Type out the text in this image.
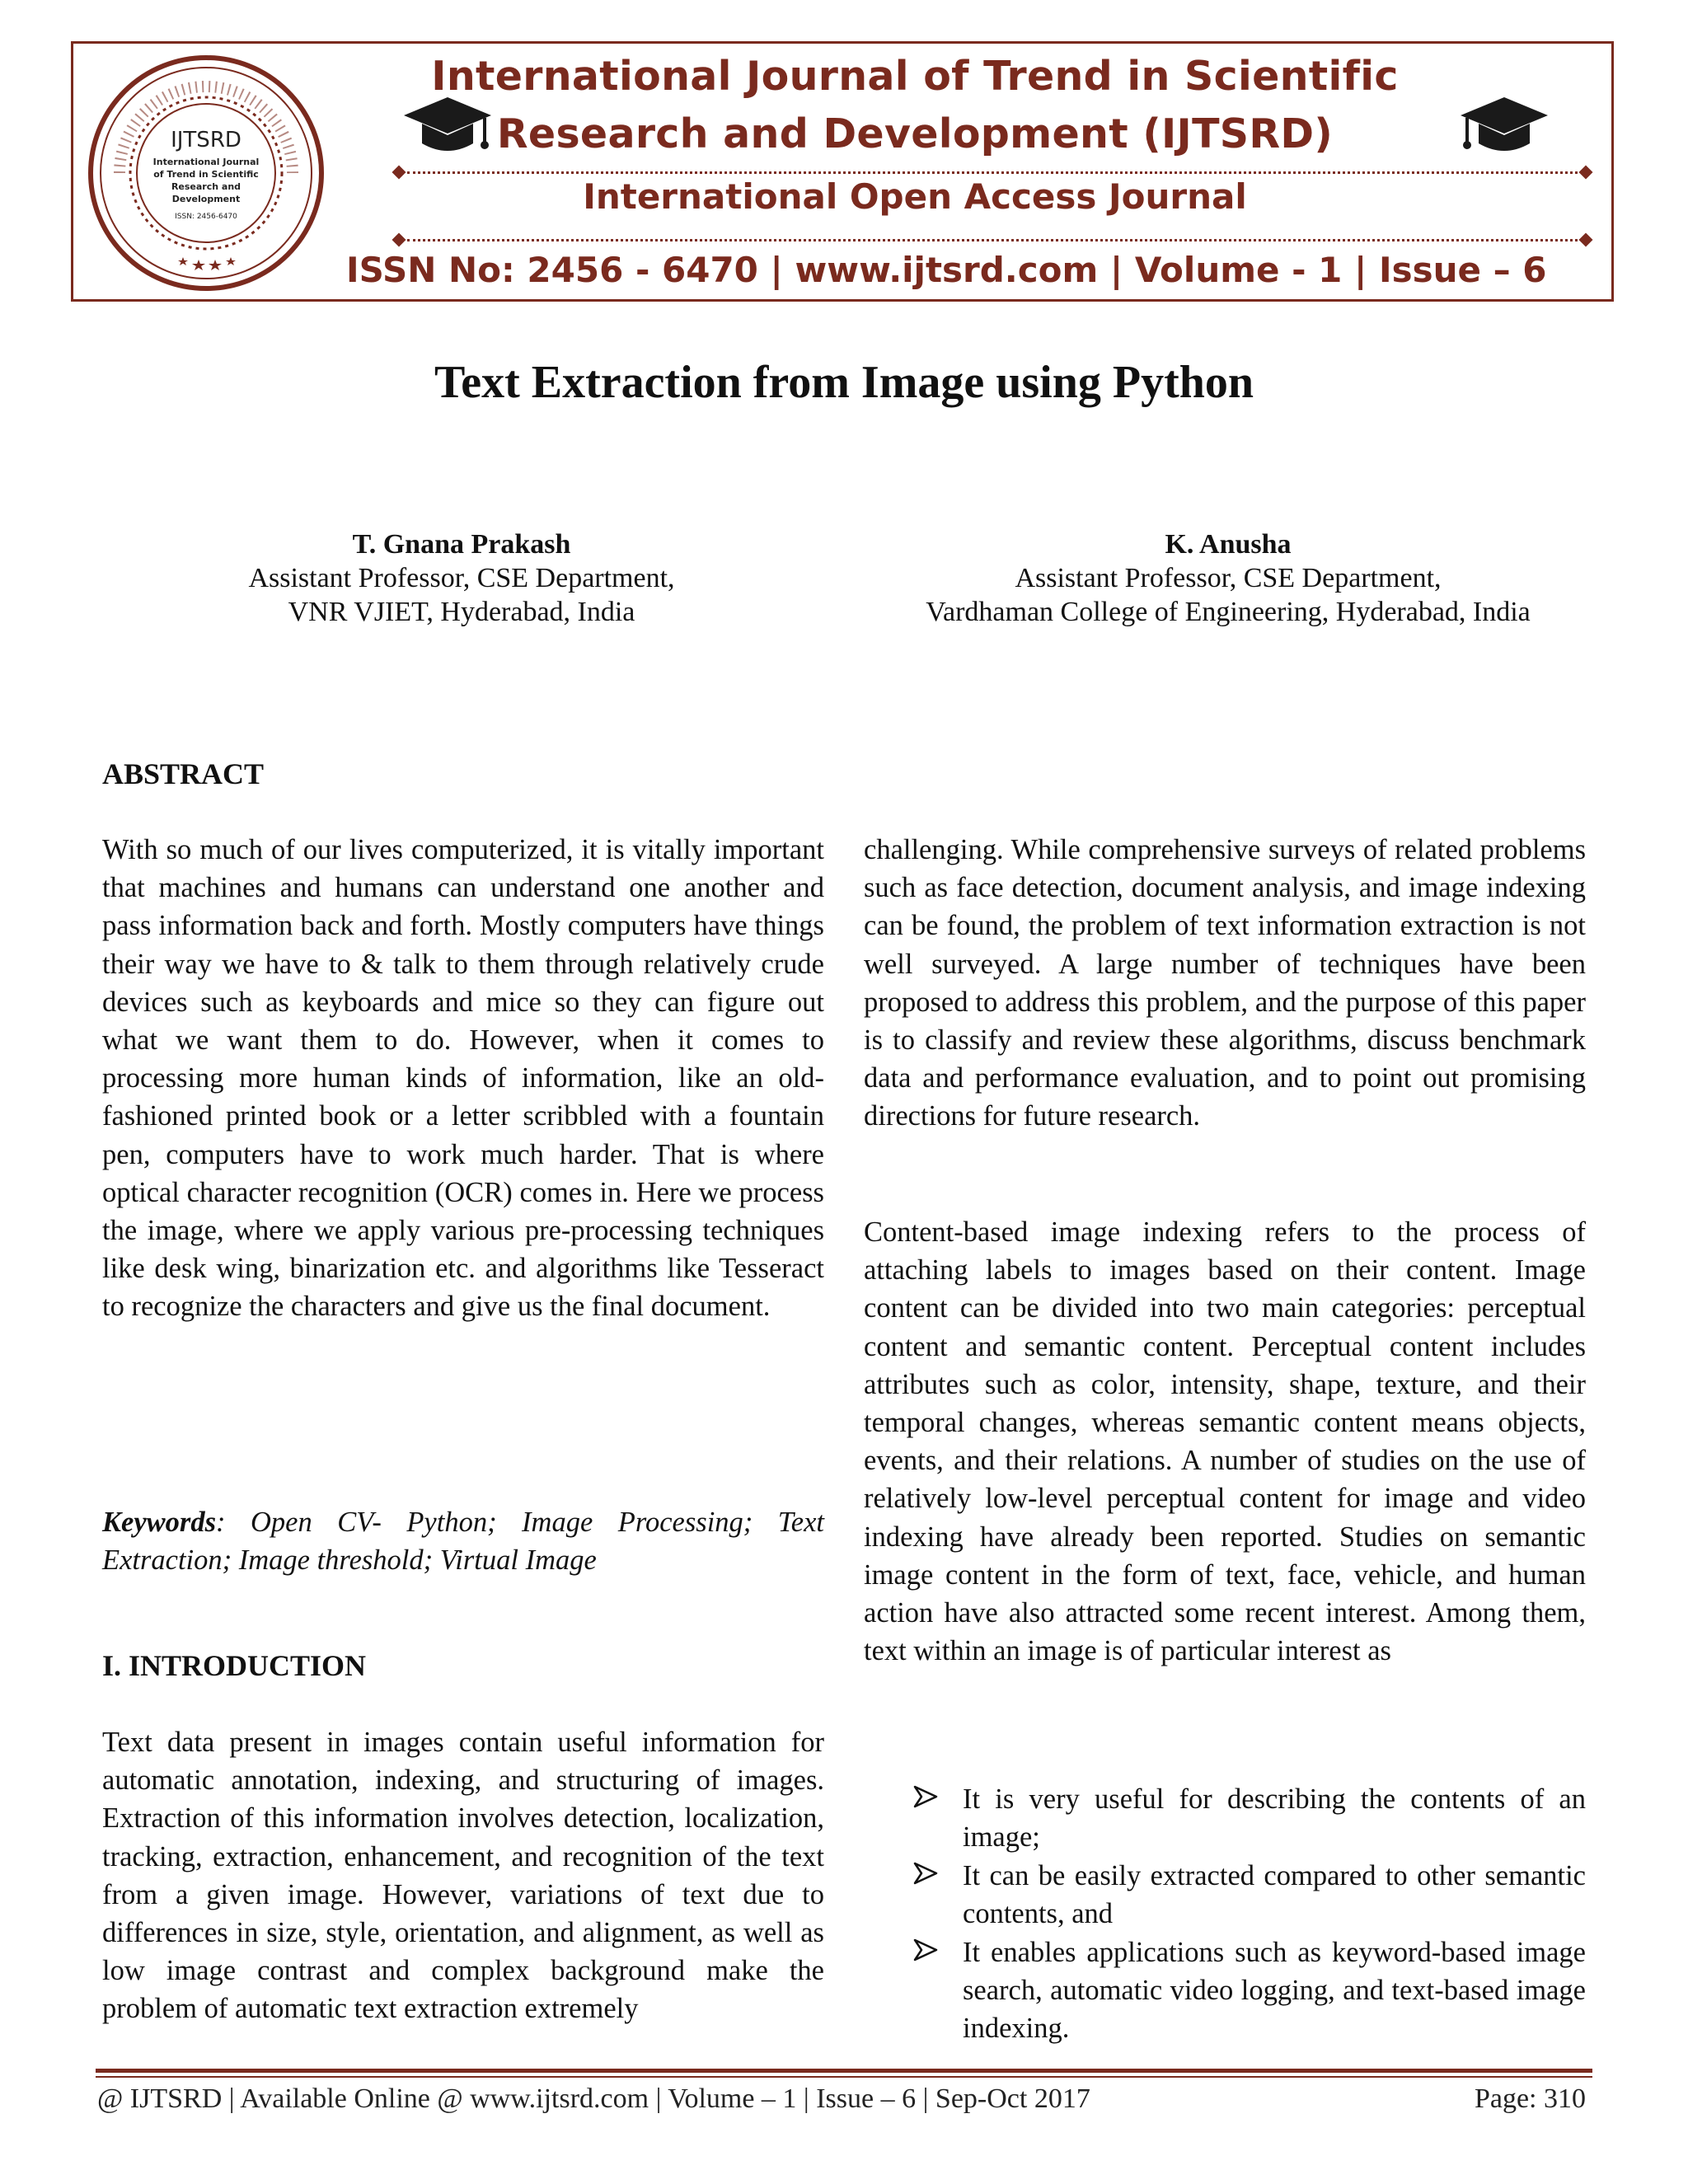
IJTSRD
International Journal
of Trend in Scientific
Research and
Development
ISSN: 2456-6470
International Journal of Trend in Scientific
Research and Development (IJTSRD)
International Open Access Journal
ISSN No: 2456 - 6470 | www.ijtsrd.com | Volume - 1 | Issue – 6
Text Extraction from Image using Python
T. Gnana Prakash
Assistant Professor, CSE Department,
VNR VJIET, Hyderabad, India
K. Anusha
Assistant Professor, CSE Department,
Vardhaman College of Engineering, Hyderabad, India
ABSTRACT

With so much of our lives computerized, it is vitally important that machines and humans can understand one another and pass information back and forth. Mostly computers have things their way we have to & talk to them through relatively crude devices such as keyboards and mice so they can figure out what we want them to do. However, when it comes to processing more human kinds of information, like an old-fashioned printed book or a letter scribbled with a fountain pen, computers have to work much harder. That is where optical character recognition (OCR) comes in. Here we process the image, where we apply various pre-processing techniques like desk wing, binarization etc. and algorithms like Tesseract to recognize the characters and give us the final document.

Keywords: Open CV- Python; Image Processing; Text Extraction; Image threshold; Virtual Image

I. INTRODUCTION

Text data present in images contain useful information for automatic annotation, indexing, and structuring of images. Extraction of this information involves detection, localization, tracking, extraction, enhancement, and recognition of the text from a given image. However, variations of text due to differences in size, style, orientation, and alignment, as well as low image contrast and complex background make the problem of automatic text extraction extremely

challenging. While comprehensive surveys of related problems such as face detection, document analysis, and image indexing can be found, the problem of text information extraction is not well surveyed. A large number of techniques have been proposed to address this problem, and the purpose of this paper is to classify and review these algorithms, discuss benchmark data and performance evaluation, and to point out promising directions for future research.

Content-based image indexing refers to the process of attaching labels to images based on their content. Image content can be divided into two main categories: perceptual content and semantic content. Perceptual content includes attributes such as color, intensity, shape, texture, and their temporal changes, whereas semantic content means objects, events, and their relations. A number of studies on the use of relatively low-level perceptual content for image and video indexing have already been reported. Studies on semantic image content in the form of text, face, vehicle, and human action have also attracted some recent interest. Among them, text within an image is of particular interest as

It is very useful for describing the contents of an image;
It can be easily extracted compared to other semantic contents, and
It enables applications such as keyword-based image search, automatic video logging, and text-based image indexing.
@ IJTSRD | Available Online @ www.ijtsrd.com | Volume – 1 | Issue – 6 | Sep-Oct 2017	Page: 310
